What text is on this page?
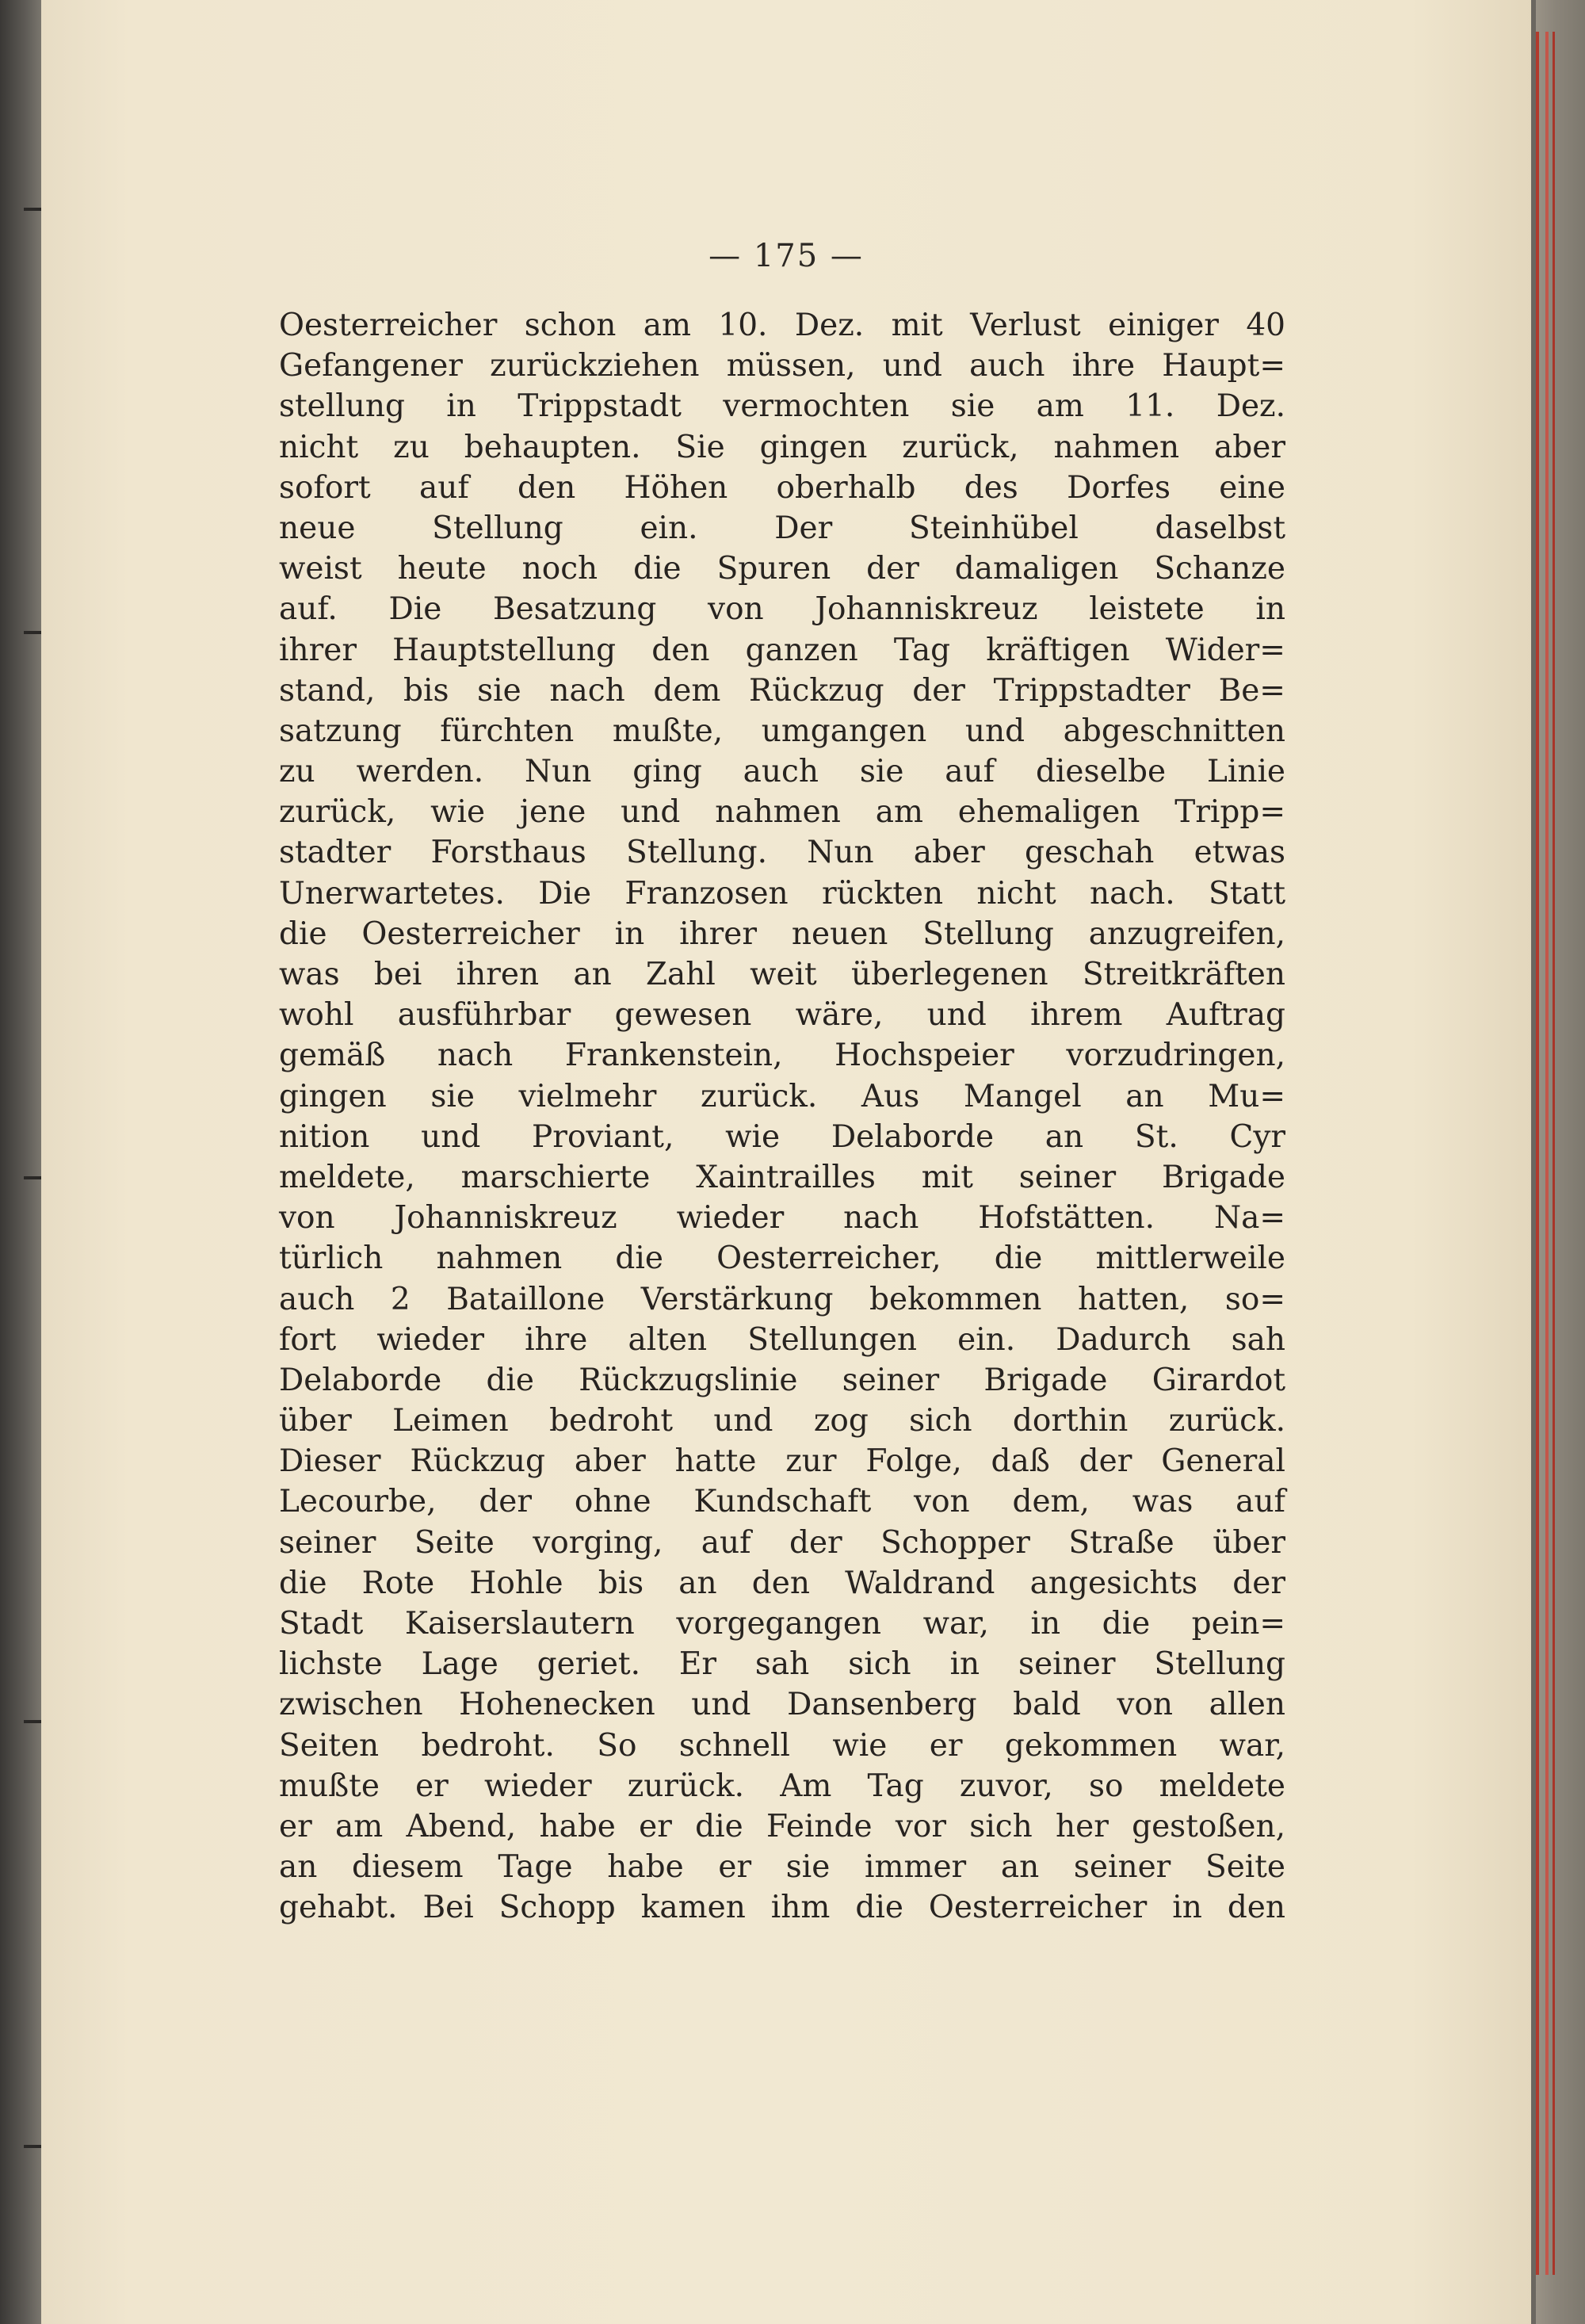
— 175 —
Oesterreicher schon am 10. Dez. mit Verlust einiger 40
Gefangener zurückziehen müssen, und auch ihre Haupt=
stellung in Trippstadt vermochten sie am 11. Dez.
nicht zu behaupten. Sie gingen zurück, nahmen aber
sofort auf den Höhen oberhalb des Dorfes eine
neue Stellung ein. Der Steinhübel daselbst
weist heute noch die Spuren der damaligen Schanze
auf. Die Besatzung von Johanniskreuz leistete in
ihrer Hauptstellung den ganzen Tag kräftigen Wider=
stand, bis sie nach dem Rückzug der Trippstadter Be=
satzung fürchten mußte, umgangen und abgeschnitten
zu werden. Nun ging auch sie auf dieselbe Linie
zurück, wie jene und nahmen am ehemaligen Tripp=
stadter Forsthaus Stellung. Nun aber geschah etwas
Unerwartetes. Die Franzosen rückten nicht nach. Statt
die Oesterreicher in ihrer neuen Stellung anzugreifen,
was bei ihren an Zahl weit überlegenen Streitkräften
wohl ausführbar gewesen wäre, und ihrem Auftrag
gemäß nach Frankenstein, Hochspeier vorzudringen,
gingen sie vielmehr zurück. Aus Mangel an Mu=
nition und Proviant, wie Delaborde an St. Cyr
meldete, marschierte Xaintrailles mit seiner Brigade
von Johanniskreuz wieder nach Hofstätten. Na=
türlich nahmen die Oesterreicher, die mittlerweile
auch 2 Bataillone Verstärkung bekommen hatten, so=
fort wieder ihre alten Stellungen ein. Dadurch sah
Delaborde die Rückzugslinie seiner Brigade Girardot
über Leimen bedroht und zog sich dorthin zurück.
Dieser Rückzug aber hatte zur Folge, daß der General
Lecourbe, der ohne Kundschaft von dem, was auf
seiner Seite vorging, auf der Schopper Straße über
die Rote Hohle bis an den Waldrand angesichts der
Stadt Kaiserslautern vorgegangen war, in die pein=
lichste Lage geriet. Er sah sich in seiner Stellung
zwischen Hohenecken und Dansenberg bald von allen
Seiten bedroht. So schnell wie er gekommen war,
mußte er wieder zurück. Am Tag zuvor, so meldete
er am Abend, habe er die Feinde vor sich her gestoßen,
an diesem Tage habe er sie immer an seiner Seite
gehabt. Bei Schopp kamen ihm die Oesterreicher in den
